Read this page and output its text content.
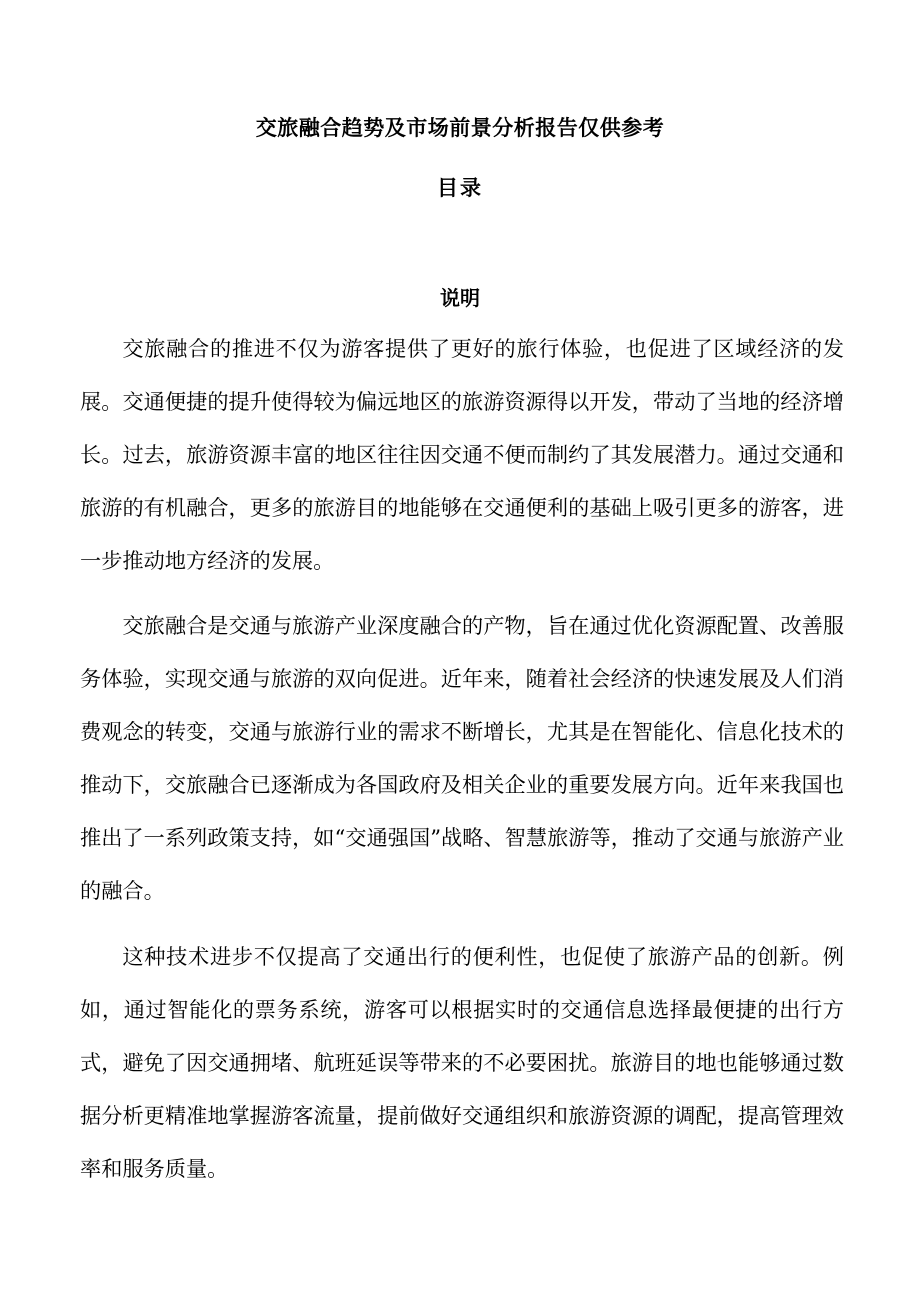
交旅融合趋势及市场前景分析报告仅供参考
目录
说明

交旅融合的推进不仅为游客提供了更好的旅行体验，也促进了区域经济的发展。交通便捷的提升使得较为偏远地区的旅游资源得以开发，带动了当地的经济增长。过去，旅游资源丰富的地区往往因交通不便而制约了其发展潜力。通过交通和旅游的有机融合，更多的旅游目的地能够在交通便利的基础上吸引更多的游客，进一步推动地方经济的发展。

交旅融合是交通与旅游产业深度融合的产物，旨在通过优化资源配置、改善服务体验，实现交通与旅游的双向促进。近年来，随着社会经济的快速发展及人们消费观念的转变，交通与旅游行业的需求不断增长，尤其是在智能化、信息化技术的推动下，交旅融合已逐渐成为各国政府及相关企业的重要发展方向。近年来我国也推出了一系列政策支持，如“交通强国”战略、智慧旅游等，推动了交通与旅游产业的融合。

这种技术进步不仅提高了交通出行的便利性，也促使了旅游产品的创新。例如，通过智能化的票务系统，游客可以根据实时的交通信息选择最便捷的出行方式，避免了因交通拥堵、航班延误等带来的不必要困扰。旅游目的地也能够通过数据分析更精准地掌握游客流量，提前做好交通组织和旅游资源的调配，提高管理效率和服务质量。
